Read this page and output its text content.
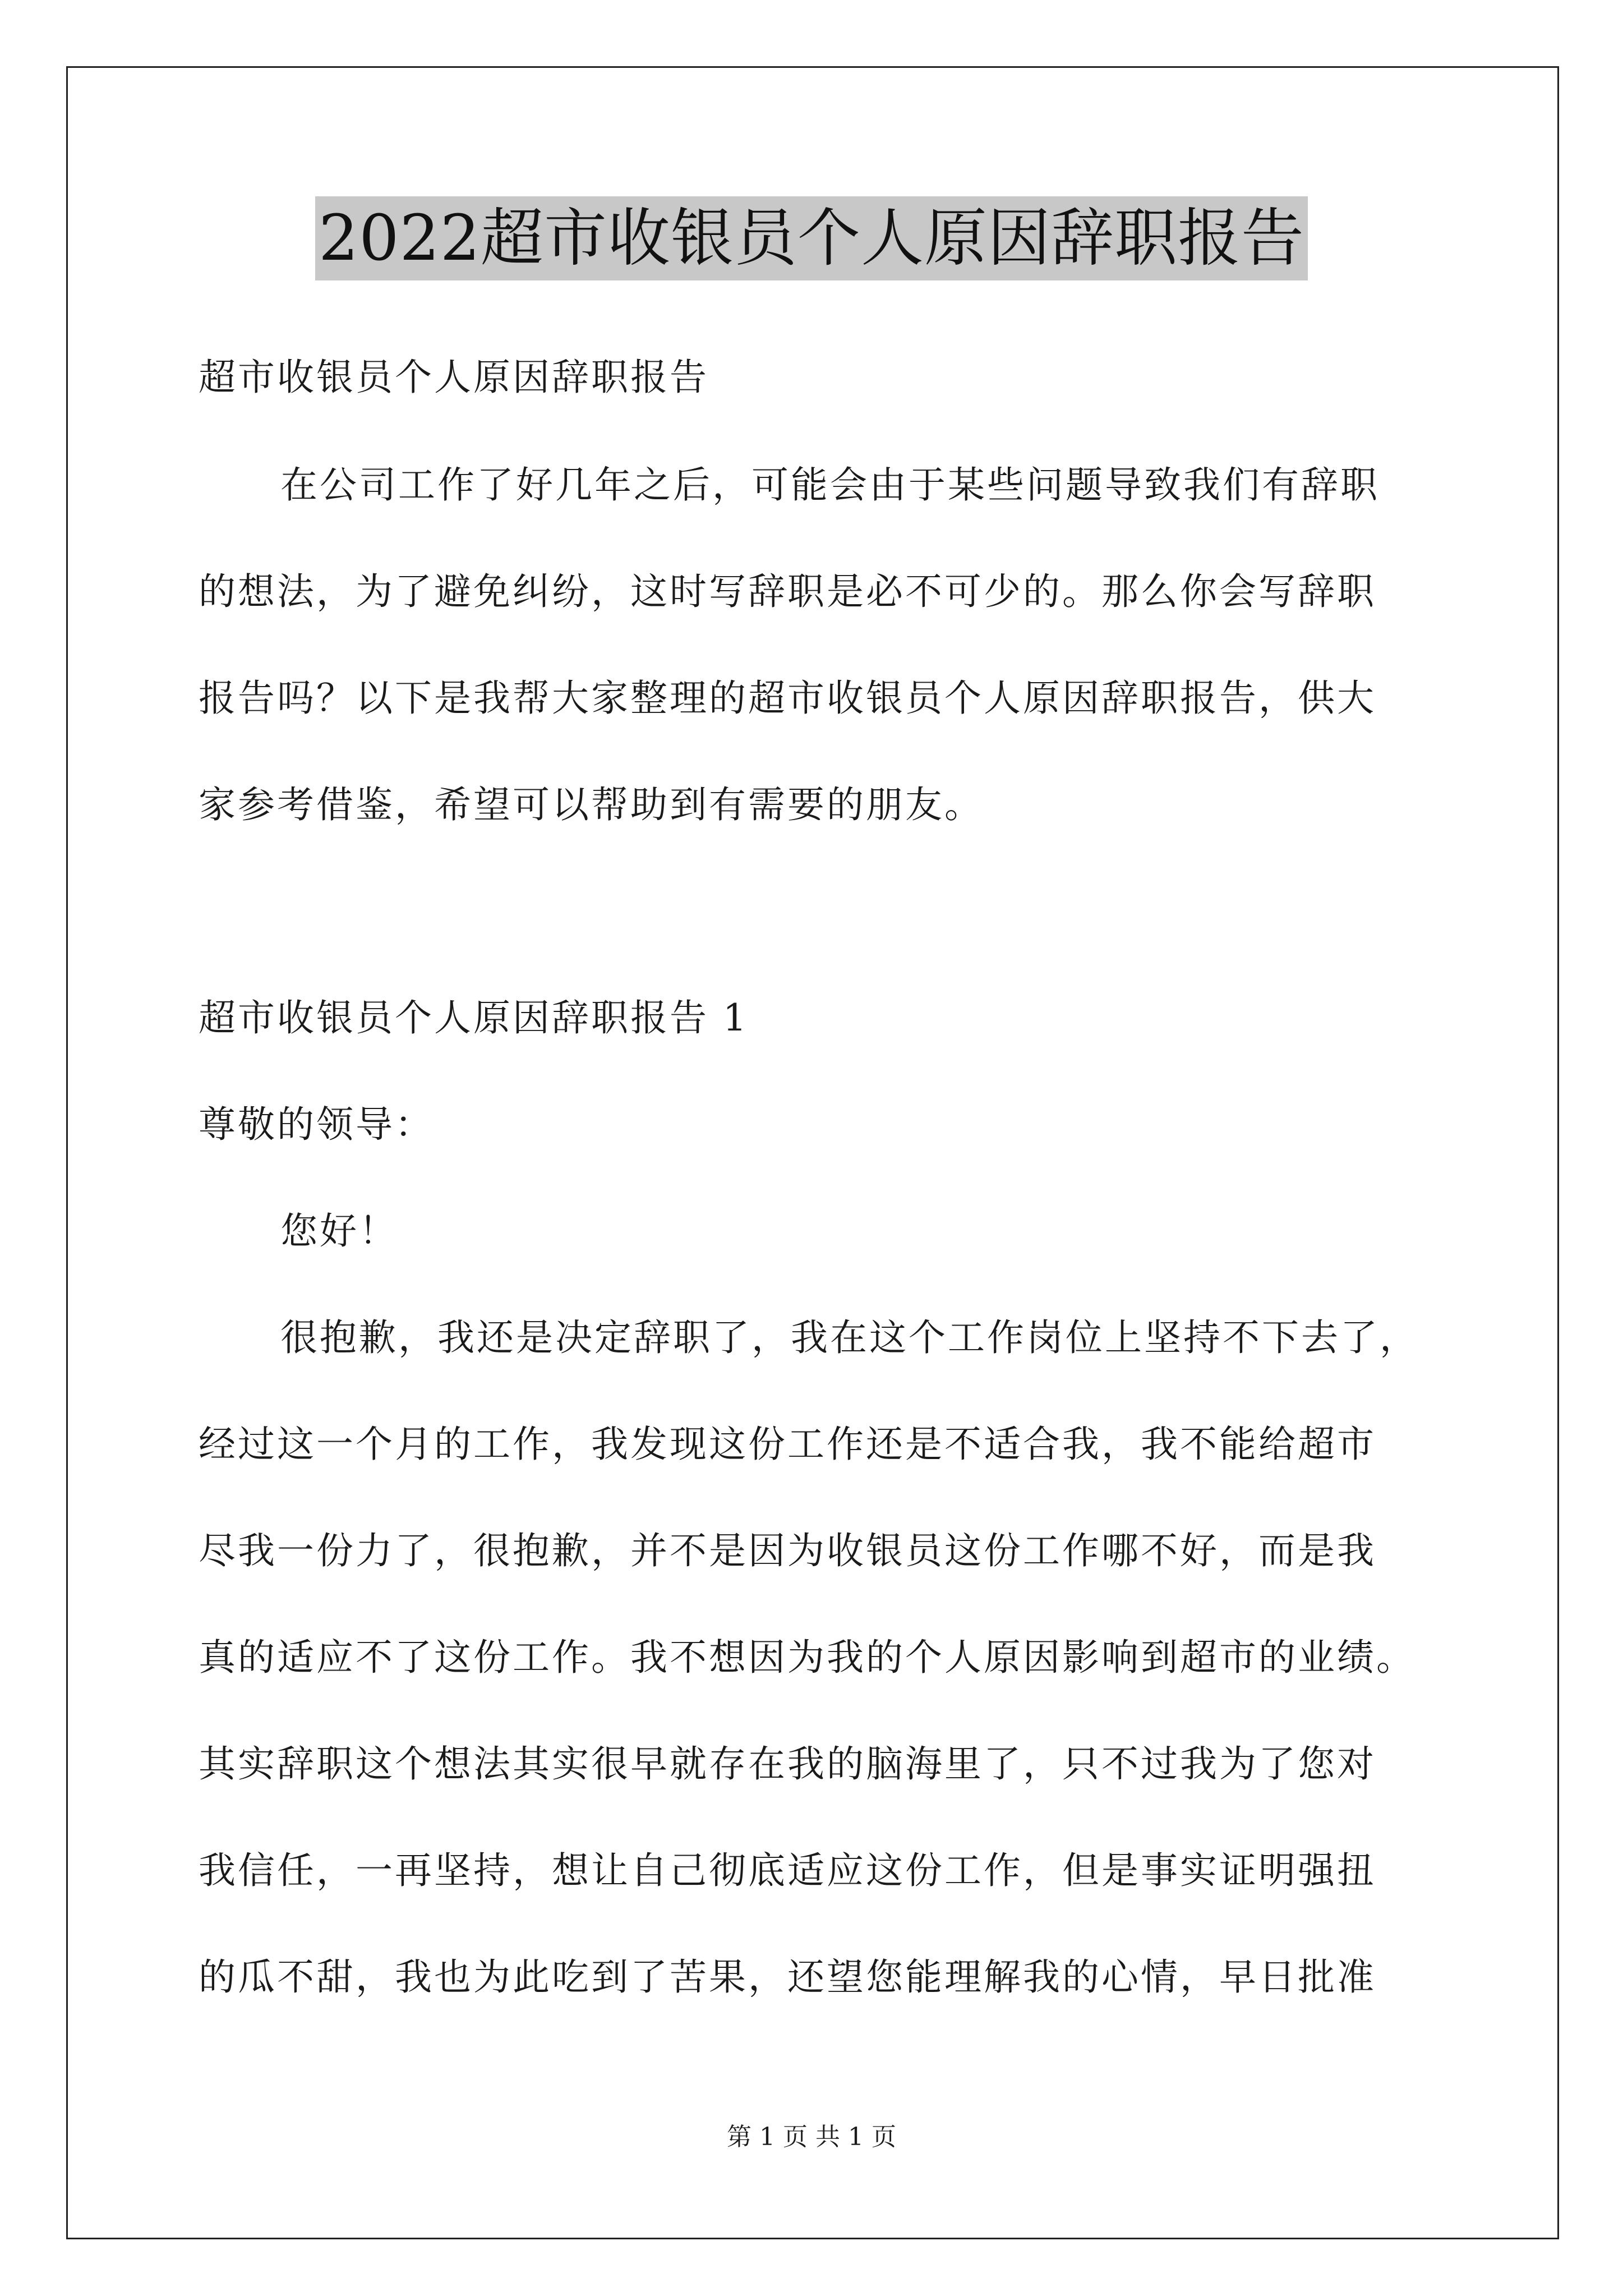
2022超市收银员个人原因辞职报告
超市收银员个人原因辞职报告
在公司工作了好几年之后，可能会由于某些问题导致我们有辞职
的想法，为了避免纠纷，这时写辞职是必不可少的。那么你会写辞职
报告吗？以下是我帮大家整理的超市收银员个人原因辞职报告，供大
家参考借鉴，希望可以帮助到有需要的朋友。
超市收银员个人原因辞职报告 1
尊敬的领导：
您好！
很抱歉，我还是决定辞职了，我在这个工作岗位上坚持不下去了，
经过这一个月的工作，我发现这份工作还是不适合我，我不能给超市
尽我一份力了，很抱歉，并不是因为收银员这份工作哪不好，而是我
真的适应不了这份工作。我不想因为我的个人原因影响到超市的业绩。
其实辞职这个想法其实很早就存在我的脑海里了，只不过我为了您对
我信任，一再坚持，想让自己彻底适应这份工作，但是事实证明强扭
的瓜不甜，我也为此吃到了苦果，还望您能理解我的心情，早日批准
第 1 页 共 1 页
